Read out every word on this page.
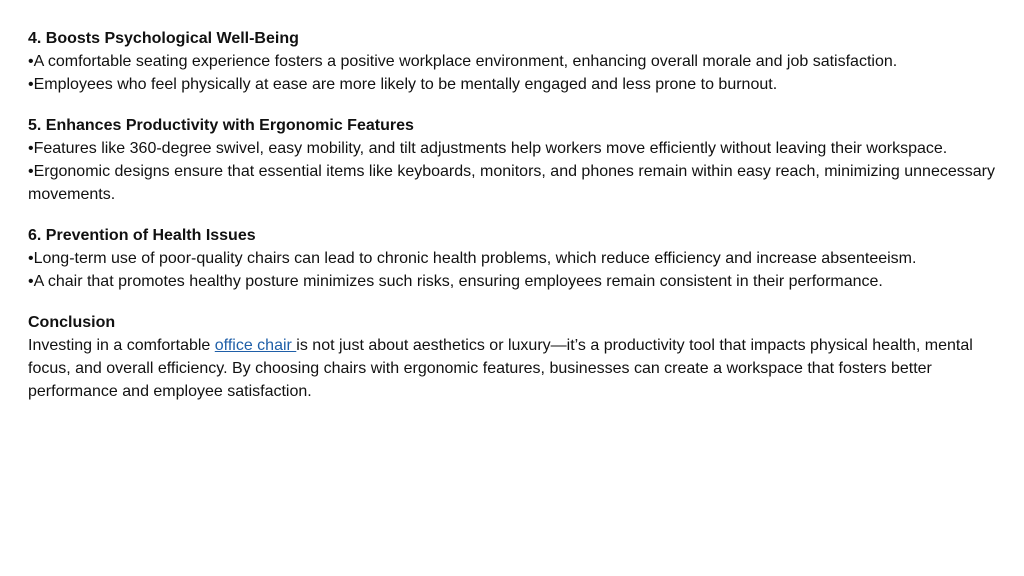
4. Boosts Psychological Well-Being

•A comfortable seating experience fosters a positive workplace environment, enhancing overall morale and job satisfaction.

•Employees who feel physically at ease are more likely to be mentally engaged and less prone to burnout.

5. Enhances Productivity with Ergonomic Features

•Features like 360-degree swivel, easy mobility, and tilt adjustments help workers move efficiently without leaving their workspace.

•Ergonomic designs ensure that essential items like keyboards, monitors, and phones remain within easy reach, minimizing unnecessary movements.

6. Prevention of Health Issues

•Long-term use of poor-quality chairs can lead to chronic health problems, which reduce efficiency and increase absenteeism.

•A chair that promotes healthy posture minimizes such risks, ensuring employees remain consistent in their performance.

Conclusion

Investing in a comfortable office chair is not just about aesthetics or luxury—it’s a productivity tool that impacts physical health, mental focus, and overall efficiency. By choosing chairs with ergonomic features, businesses can create a workspace that fosters better performance and employee satisfaction.
